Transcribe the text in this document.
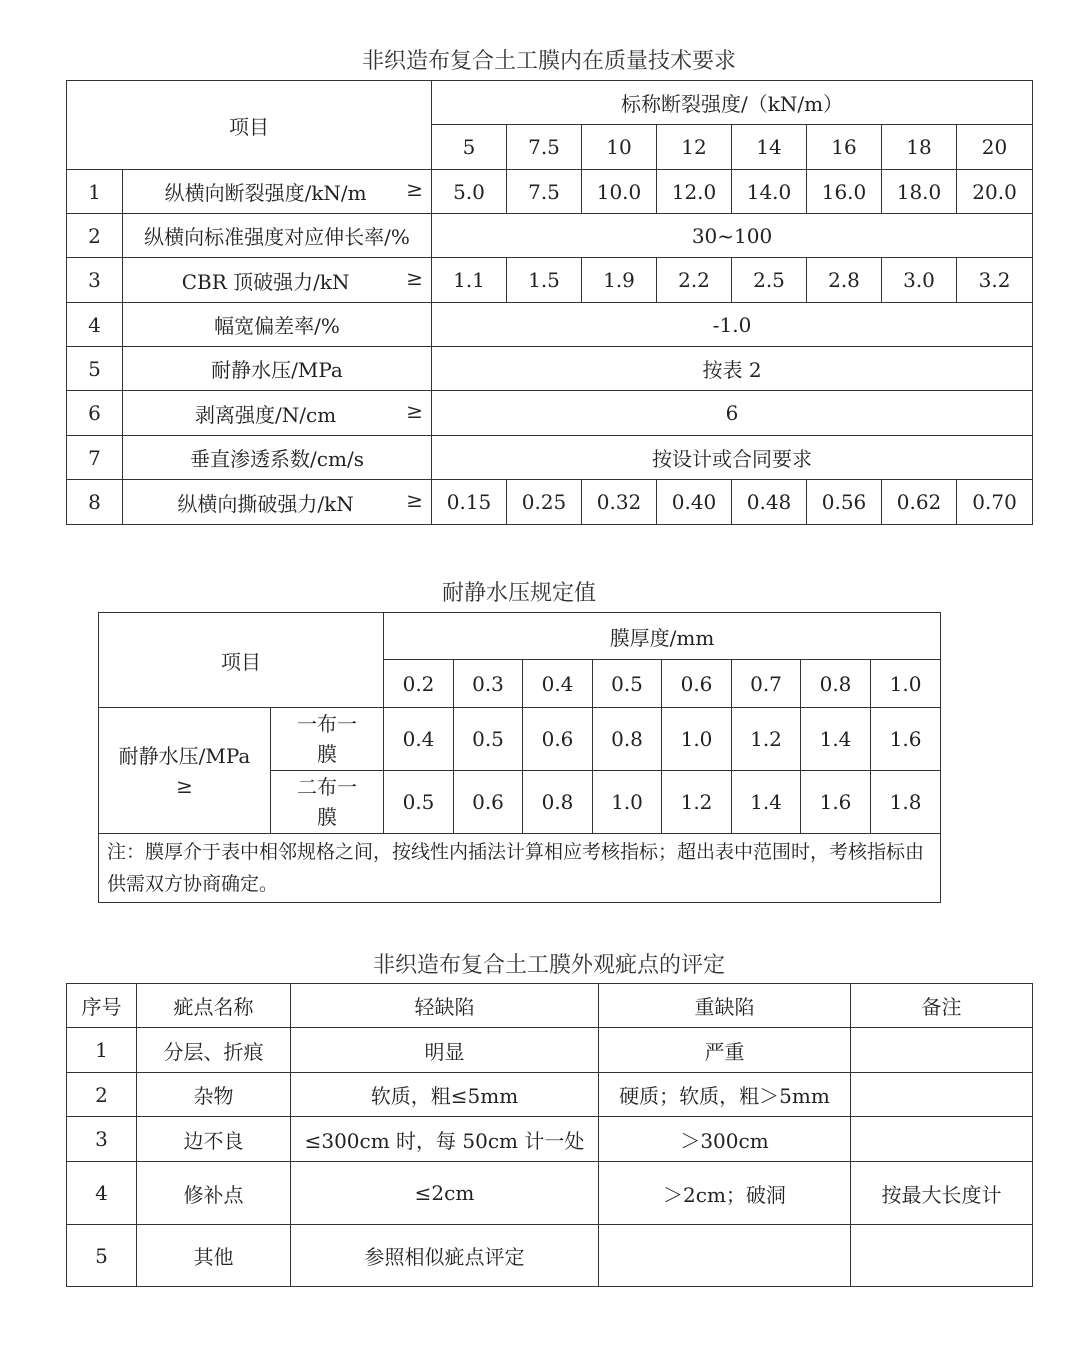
非织造布复合土工膜内在质量技术要求
项目		标称断裂强度/（kN/m）							
		5	7.5	10	12	14	16	18	20
1	纵横向断裂强度/kN/m ≥	5.0	7.5	10.0	12.0	14.0	16.0	18.0	20.0
2	纵横向标准强度对应伸长率/%	30~100							
3	CBR 顶破强力/kN ≥	1.1	1.5	1.9	2.2	2.5	2.8	3.0	3.2
4	幅宽偏差率/%	-1.0							
5	耐静水压/MPa	按表 2							
6	剥离强度/N/cm ≥	6							
7	垂直渗透系数/cm/s	按设计或合同要求							
8	纵横向撕破强力/kN ≥	0.15	0.25	0.32	0.40	0.48	0.56	0.62	0.70
耐静水压规定值
项目		膜厚度/mm							
		0.2	0.3	0.4	0.5	0.6	0.7	0.8	1.0
耐静水压/MPa
≥	一布一膜	0.4	0.5	0.6	0.8	1.0	1.2	1.4	1.6
	二布一膜	0.5	0.6	0.8	1.0	1.2	1.4	1.6	1.8
注：膜厚介于表中相邻规格之间，按线性内插法计算相应考核指标；超出表中范围时，考核指标由供需双方协商确定。									
非织造布复合土工膜外观疵点的评定
序号	疵点名称	轻缺陷	重缺陷	备注
1	分层、折痕	明显	严重	
2	杂物	软质，粗≤5mm	硬质；软质，粗＞5mm	
3	边不良	≤300cm 时，每 50cm 计一处	＞300cm	
4	修补点	≤2cm	＞2cm；破洞	按最大长度计
5	其他	参照相似疵点评定		
